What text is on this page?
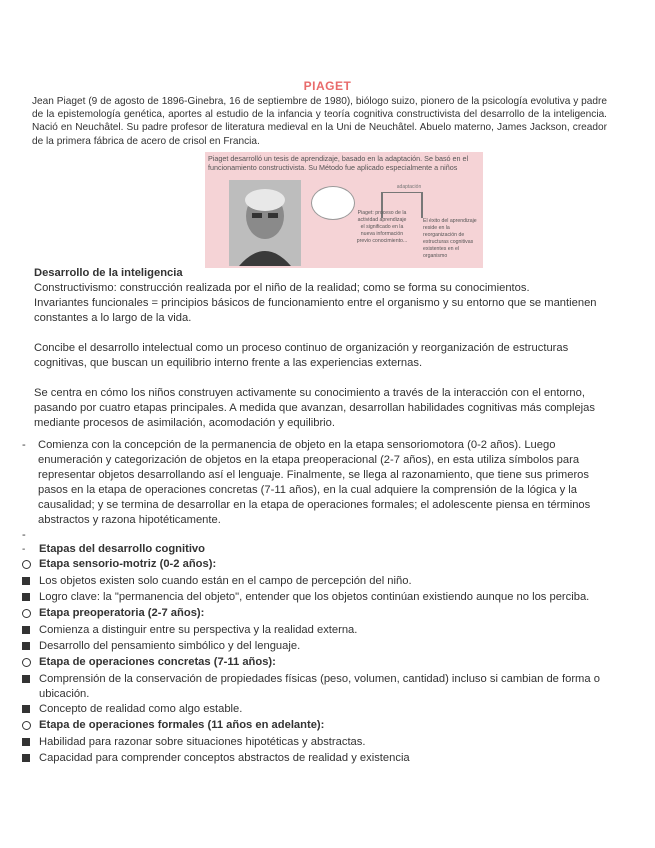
PIAGET
Jean Piaget (9 de agosto de 1896-Ginebra, 16 de septiembre de 1980), biólogo suizo, pionero de la psicología evolutiva y padre de la epistemología genética, aportes al estudio de la infancia y teoría cognitiva constructivista del desarrollo de la inteligencia. Nació en Neuchâtel. Su padre profesor de literatura medieval en la Uni de Neuchâtel. Abuelo materno, James Jackson, creador de la primera fábrica de acero de crisol en Francia.
Piaget desarrolló un tesis de aprendizaje, basado en la adaptación. Se basó en el funcionamiento constructivista. Su Método fue aplicado especialmente a niños
adaptación
Piaget: proceso de la actividad aprendizaje el significado en la nueva información previo conocimiento...
El éxito del aprendizaje reside en la reorganización de estructuras cognitivas existentes en el organismo

Desarrollo de la inteligencia

Constructivismo: construcción realizada por el niño de la realidad; como se forma su conocimientos.

Invariantes funcionales = principios básicos de funcionamiento entre el organismo y su entorno que se mantienen constantes a lo largo de la vida.

Concibe el desarrollo intelectual como un proceso continuo de organización y reorganización de estructuras cognitivas, que buscan un equilibrio interno frente a las experiencias externas.

Se centra en cómo los niños construyen activamente su conocimiento a través de la interacción con el entorno, pasando por cuatro etapas principales. A medida que avanzan, desarrollan habilidades cognitivas más complejas mediante procesos de asimilación, acomodación y equilibrio.

-	Comienza con la concepción de la permanencia de objeto en la etapa sensoriomotora (0-2 años). Luego enumeración y categorización de objetos en la etapa preoperacional (2-7 años), en esta utiliza símbolos para representar objetos desarrollando así el lenguaje. Finalmente, se llega al razonamiento, que tiene sus primeros pasos en la etapa de operaciones concretas (7-11 años), en la cual adquiere la comprensión de la lógica y la causalidad; y se termina de desarrollar en la etapa de operaciones formales; el adolescente piensa en términos abstractos y razona hipotéticamente.
-
-	Etapas del desarrollo cognitivo
Etapa sensorio-motriz (0-2 años):
Los objetos existen solo cuando están en el campo de percepción del niño.
Logro clave: la "permanencia del objeto", entender que los objetos continúan existiendo aunque no los perciba.
Etapa preoperatoria (2-7 años):
Comienza a distinguir entre su perspectiva y la realidad externa.
Desarrollo del pensamiento simbólico y del lenguaje.
Etapa de operaciones concretas (7-11 años):
Comprensión de la conservación de propiedades físicas (peso, volumen, cantidad) incluso si cambian de forma o ubicación.
Concepto de realidad como algo estable.
Etapa de operaciones formales (11 años en adelante):
Habilidad para razonar sobre situaciones hipotéticas y abstractas.
Capacidad para comprender conceptos abstractos de realidad y existencia
